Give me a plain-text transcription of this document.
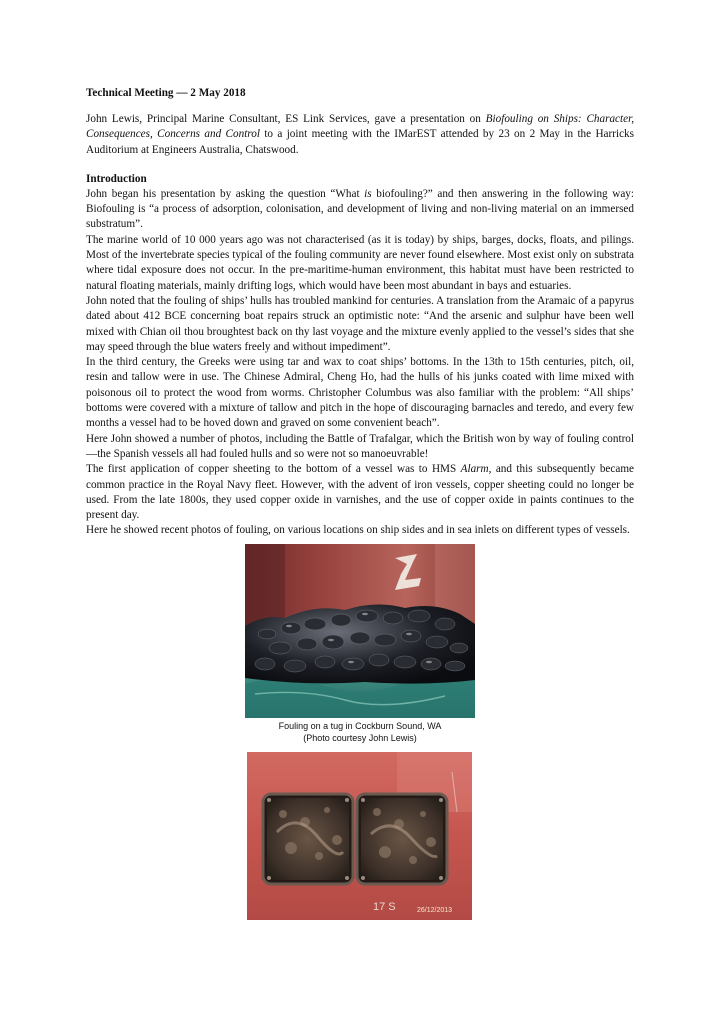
Technical Meeting — 2 May 2018

John Lewis, Principal Marine Consultant, ES Link Services, gave a presentation on Biofouling on Ships: Character, Consequences, Concerns and Control to a joint meeting with the IMarEST attended by 23 on 2 May in the Harricks Auditorium at Engineers Australia, Chatswood.

Introduction

John began his presentation by asking the question “What is biofouling?” and then answering in the following way: Biofouling is “a process of adsorption, colonisation, and development of living and non-living material on an immersed substratum”.

The marine world of 10 000 years ago was not characterised (as it is today) by ships, barges, docks, floats, and pilings. Most of the invertebrate species typical of the fouling community are never found elsewhere. Most exist only on substrata where tidal exposure does not occur. In the pre-maritime-human environment, this habitat must have been restricted to natural floating materials, mainly drifting logs, which would have been most abundant in bays and estuaries.

John noted that the fouling of ships’ hulls has troubled mankind for centuries. A translation from the Aramaic of a papyrus dated about 412 BCE concerning boat repairs struck an optimistic note: “And the arsenic and sulphur have been well mixed with Chian oil thou broughtest back on thy last voyage and the mixture evenly applied to the vessel’s sides that she may speed through the blue waters freely and without impediment”.

In the third century, the Greeks were using tar and wax to coat ships’ bottoms. In the 13th to 15th centuries, pitch, oil, resin and tallow were in use. The Chinese Admiral, Cheng Ho, had the hulls of his junks coated with lime mixed with poisonous oil to protect the wood from worms. Christopher Columbus was also familiar with the problem: “All ships’ bottoms were covered with a mixture of tallow and pitch in the hope of discouraging barnacles and teredo, and every few months a vessel had to be hoved down and graved on some convenient beach”.

Here John showed a number of photos, including the Battle of Trafalgar, which the British won by way of fouling control—the Spanish vessels all had fouled hulls and so were not so manoeuvrable!

The first application of copper sheeting to the bottom of a vessel was to HMS Alarm, and this subsequently became common practice in the Royal Navy fleet. However, with the advent of iron vessels, copper sheeting could no longer be used. From the late 1800s, they used copper oxide in varnishes, and the use of copper oxide in paints continues to the present day.

Here he showed recent photos of fouling, on various locations on ship sides and in sea inlets on different types of vessels.

Fouling on a tug in Cockburn Sound, WA
(Photo courtesy John Lewis)
17 S	26/12/2013
